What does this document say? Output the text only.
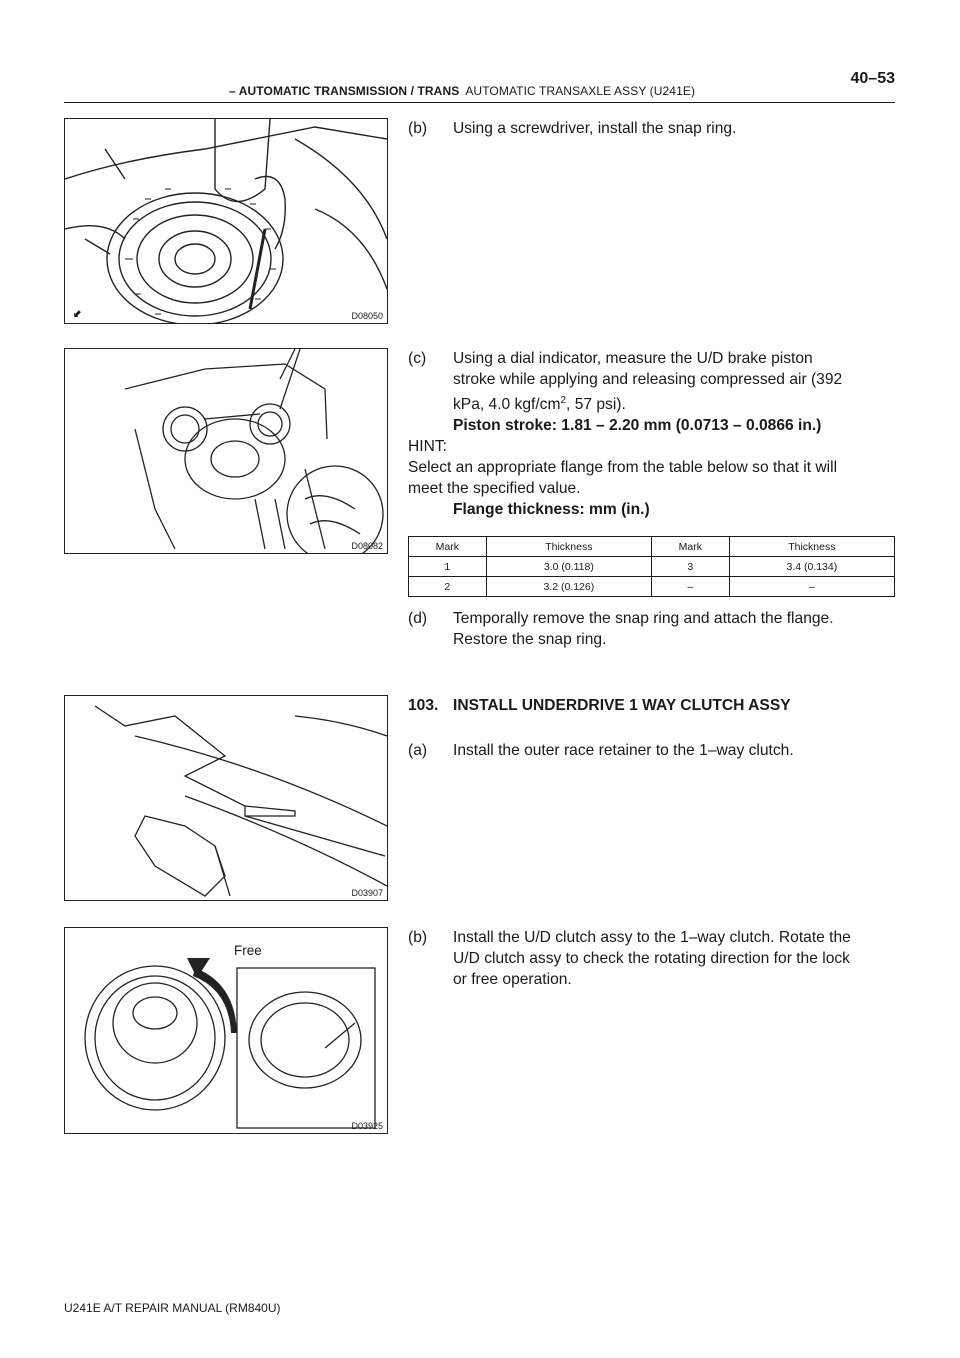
– AUTOMATIC TRANSMISSION / TRANS AUTOMATIC TRANSAXLE ASSY (U241E)
40–53
⬋	D08050
D08082
D03907
Free
D03925
(b) Using a screwdriver, install the snap ring.
(c) Using a dial indicator, measure the U/D brake piston
stroke while applying and releasing compressed air (392
kPa, 4.0 kgf/$cm^2$, 57 psi).
Piston stroke: 1.81 – 2.20 mm (0.0713 – 0.0866 in.)
HINT:
Select an appropriate flange from the table below so that it will
meet the specified value.
Flange thickness: mm (in.)
Mark	Thickness	Mark	Thickness
1	3.0 (0.118)	3	3.4 (0.134)
2	3.2 (0.126)	–	–
(d) Temporally remove the snap ring and attach the flange.
Restore the snap ring.
103. INSTALL UNDERDRIVE 1 WAY CLUTCH ASSY
(a) Install the outer race retainer to the 1–way clutch.
(b) Install the U/D clutch assy to the 1–way clutch. Rotate the
U/D clutch assy to check the rotating direction for the lock
or free operation.
U241E A/T REPAIR MANUAL (RM840U)
